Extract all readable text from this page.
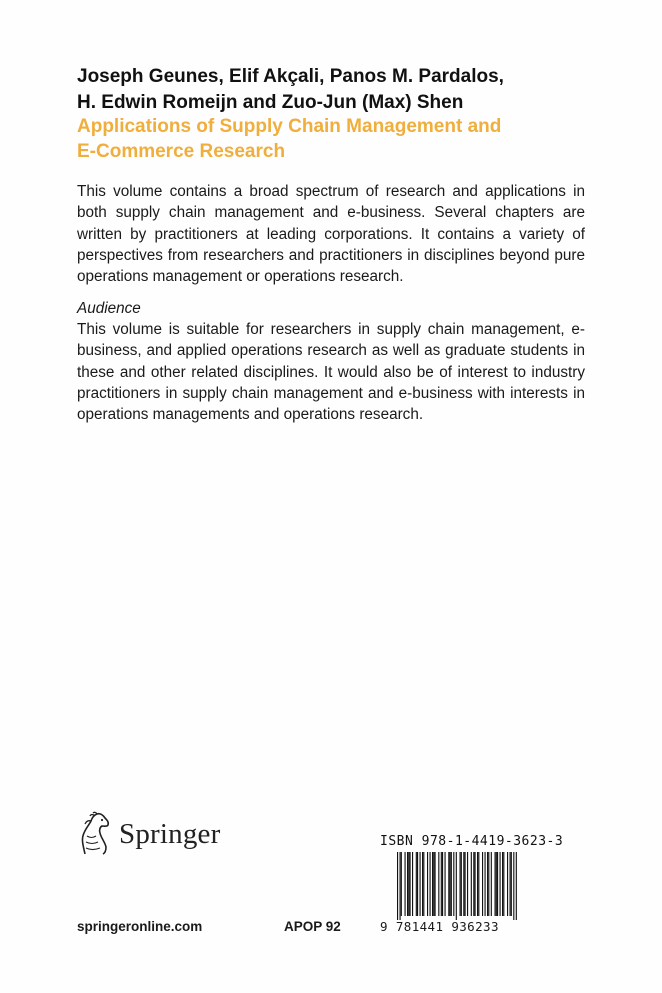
Joseph Geunes, Elif Akçali, Panos M. Pardalos,
H. Edwin Romeijn and Zuo-Jun (Max) Shen
Applications of Supply Chain Management and
E-Commerce Research

This volume contains a broad spectrum of research and applications in both supply chain management and e-business. Several chapters are written by practitioners at leading corporations. It contains a variety of perspectives from researchers and practitioners in disciplines beyond pure operations management or operations research.

Audience

This volume is suitable for researchers in supply chain management, e-business, and applied operations research as well as graduate students in these and other related disciplines. It would also be of interest to industry practitioners in supply chain management and e-business with interests in operations managements and operations research.

Springer	ISBN 978-1-4419-3623-3
9 781441 936233
springeronline.com	APOP 92
